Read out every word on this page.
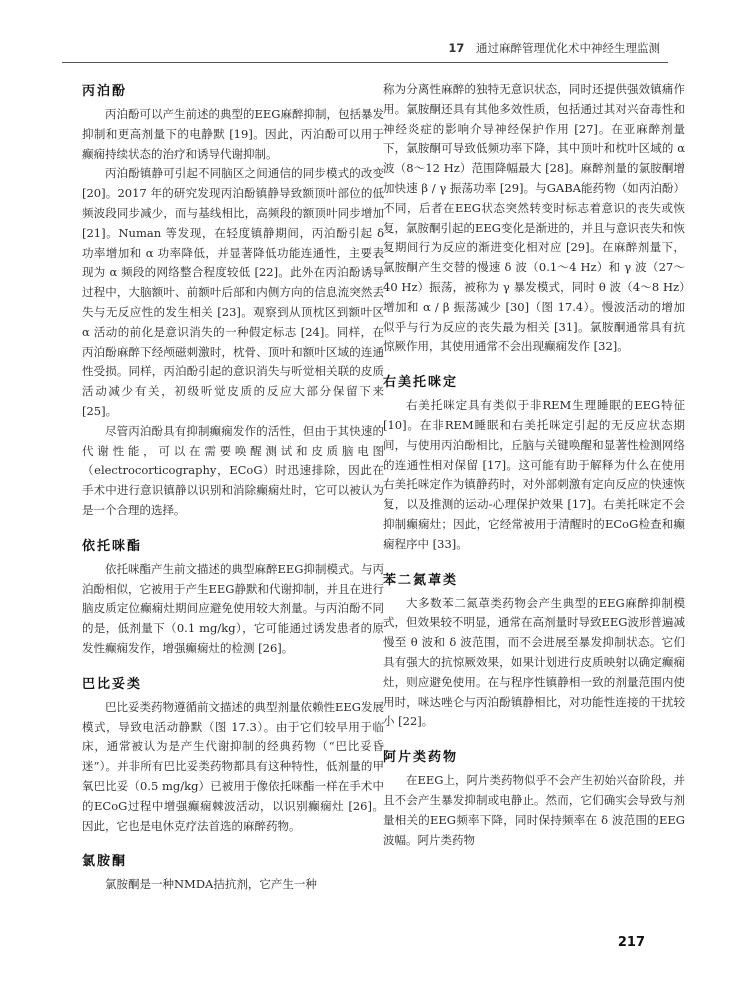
17 通过麻醉管理优化术中神经生理监测
丙泊酚

丙泊酚可以产生前述的典型的EEG麻醉抑制，包括暴发抑制和更高剂量下的电静默 [19]。因此，丙泊酚可以用于癫痫持续状态的治疗和诱导代谢抑制。

丙泊酚镇静可引起不同脑区之间通信的同步模式的改变 [20]。2017 年的研究发现丙泊酚镇静导致额顶叶部位的低频波段同步减少，而与基线相比，高频段的额顶叶同步增加 [21]。Numan 等发现，在轻度镇静期间，丙泊酚引起 δ 功率增加和 α 功率降低，并显著降低功能连通性，主要表现为 α 频段的网络整合程度较低 [22]。此外在丙泊酚诱导过程中，大脑额叶、前额叶后部和内侧方向的信息流突然丢失与无反应性的发生相关 [23]。观察到从顶枕区到额叶区 α 活动的前化是意识消失的一种假定标志 [24]。同样，在丙泊酚麻醉下经颅磁刺激时，枕骨、顶叶和额叶区域的连通性受损。同样，丙泊酚引起的意识消失与听觉相关联的皮质活动减少有关，初级听觉皮质的反应大部分保留下来 [25]。

尽管丙泊酚具有抑制癫痫发作的活性，但由于其快速的代谢性能，可以在需要唤醒测试和皮质脑电图（electrocorticography，ECoG）时迅速排除，因此在手术中进行意识镇静以识别和消除癫痫灶时，它可以被认为是一个合理的选择。

依托咪酯

依托咪酯产生前文描述的典型麻醉EEG抑制模式。与丙泊酚相似，它被用于产生EEG静默和代谢抑制，并且在进行脑皮质定位癫痫灶期间应避免使用较大剂量。与丙泊酚不同的是，低剂量下（0.1 mg/kg），它可能通过诱发患者的原发性癫痫发作，增强癫痫灶的检测 [26]。

巴比妥类

巴比妥类药物遵循前文描述的典型剂量依赖性EEG发展模式，导致电活动静默（图 17.3）。由于它们较早用于临床，通常被认为是产生代谢抑制的经典药物（“巴比妥昏迷”）。并非所有巴比妥类药物都具有这种特性，低剂量的甲氧巴比妥（0.5 mg/kg）已被用于像依托咪酯一样在手术中的ECoG过程中增强癫痫棘波活动，以识别癫痫灶 [26]。因此，它也是电休克疗法首选的麻醉药物。

氯胺酮

氯胺酮是一种NMDA拮抗剂，它产生一种

称为分离性麻醉的独特无意识状态，同时还提供强效镇痛作用。氯胺酮还具有其他多效性质，包括通过其对兴奋毒性和神经炎症的影响介导神经保护作用 [27]。在亚麻醉剂量下，氯胺酮可导致低频功率下降，其中顶叶和枕叶区域的 α 波（8～12 Hz）范围降幅最大 [28]。麻醉剂量的氯胺酮增加快速 β / γ 振荡功率 [29]。与GABA能药物（如丙泊酚）不同，后者在EEG状态突然转变时标志着意识的丧失或恢复，氯胺酮引起的EEG变化是渐进的，并且与意识丧失和恢复期间行为反应的渐进变化相对应 [29]。在麻醉剂量下，氯胺酮产生交替的慢速 δ 波（0.1～4 Hz）和 γ 波（27～40 Hz）振荡，被称为 γ 暴发模式，同时 θ 波（4～8 Hz）增加和 α / β 振荡减少 [30]（图 17.4）。慢波活动的增加似乎与行为反应的丧失最为相关 [31]。氯胺酮通常具有抗惊厥作用，其使用通常不会出现癫痫发作 [32]。

右美托咪定

右美托咪定具有类似于非REM生理睡眠的EEG特征 [10]。在非REM睡眠和右美托咪定引起的无反应状态期间，与使用丙泊酚相比，丘脑与关键唤醒和显著性检测网络的连通性相对保留 [17]。这可能有助于解释为什么在使用右美托咪定作为镇静药时，对外部刺激有定向反应的快速恢复，以及推测的运动-心理保护效果 [17]。右美托咪定不会抑制癫痫灶；因此，它经常被用于清醒时的ECoG检查和癫痫程序中 [33]。

苯二氮䓬类

大多数苯二氮䓬类药物会产生典型的EEG麻醉抑制模式，但效果较不明显，通常在高剂量时导致EEG波形普遍减慢至 θ 波和 δ 波范围，而不会进展至暴发抑制状态。它们具有强大的抗惊厥效果，如果计划进行皮质映射以确定癫痫灶，则应避免使用。在与程序性镇静相一致的剂量范围内使用时，咪达唑仑与丙泊酚镇静相比，对功能性连接的干扰较小 [22]。

阿片类药物

在EEG上，阿片类药物似乎不会产生初始兴奋阶段，并且不会产生暴发抑制或电静止。然而，它们确实会导致与剂量相关的EEG频率下降，同时保持频率在 δ 波范围的EEG波幅。阿片类药物

217
